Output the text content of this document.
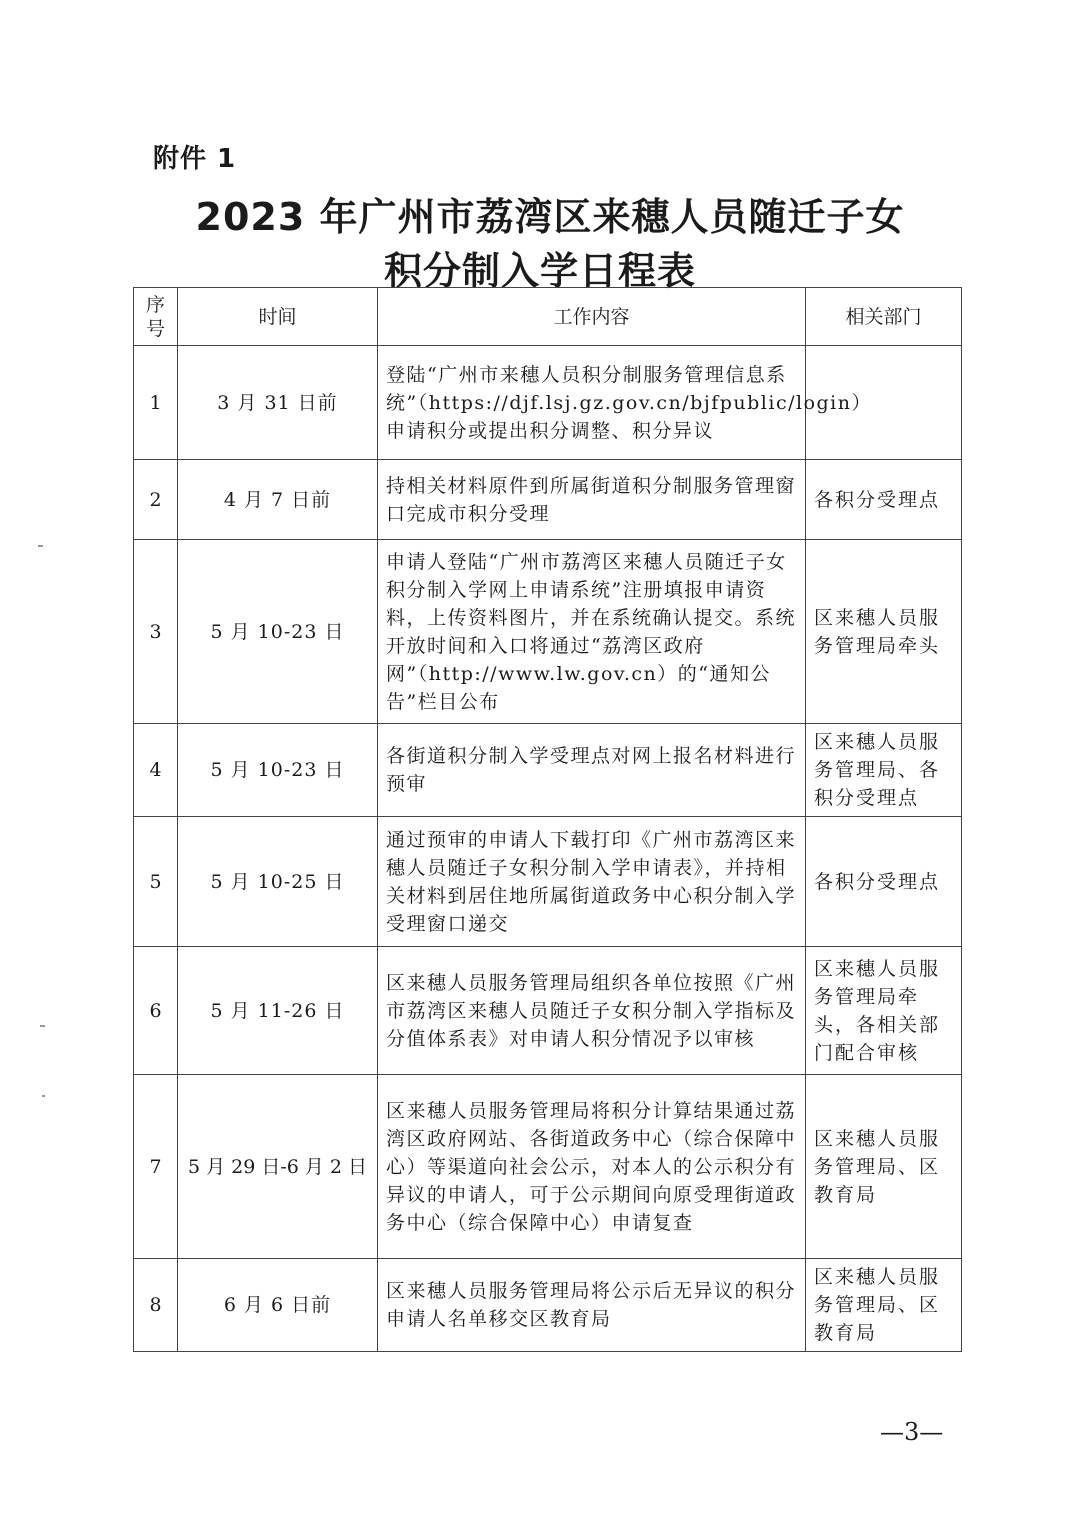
附件 1
2023 年广州市荔湾区来穗人员随迁子女
积分制入学日程表
序号	时间	工作内容	相关部门
1	3 月 31 日前	登陆“广州市来穗人员积分制服务管理信息系统”（https://djf.lsj.gz.gov.cn/bjfpublic/login）申请积分或提出积分调整、积分异议	
2	4 月 7 日前	持相关材料原件到所属街道积分制服务管理窗口完成市积分受理	各积分受理点
3	5 月 10-23 日	申请人登陆“广州市荔湾区来穗人员随迁子女积分制入学网上申请系统”注册填报申请资料，上传资料图片，并在系统确认提交。系统开放时间和入口将通过“荔湾区政府网”（http://www.lw.gov.cn）的“通知公告”栏目公布	区来穗人员服务管理局牵头
4	5 月 10-23 日	各街道积分制入学受理点对网上报名材料进行预审	区来穗人员服务管理局、各积分受理点
5	5 月 10-25 日	通过预审的申请人下载打印《广州市荔湾区来穗人员随迁子女积分制入学申请表》，并持相关材料到居住地所属街道政务中心积分制入学受理窗口递交	各积分受理点
6	5 月 11-26 日	区来穗人员服务管理局组织各单位按照《广州市荔湾区来穗人员随迁子女积分制入学指标及分值体系表》对申请人积分情况予以审核	区来穗人员服务管理局牵头，各相关部门配合审核
7	5 月 29 日-6 月 2 日	区来穗人员服务管理局将积分计算结果通过荔湾区政府网站、各街道政务中心（综合保障中心）等渠道向社会公示，对本人的公示积分有异议的申请人，可于公示期间向原受理街道政务中心（综合保障中心）申请复查	区来穗人员服务管理局、区教育局
8	6 月 6 日前	区来穗人员服务管理局将公示后无异议的积分申请人名单移交区教育局	区来穗人员服务管理局、区教育局
—3—
